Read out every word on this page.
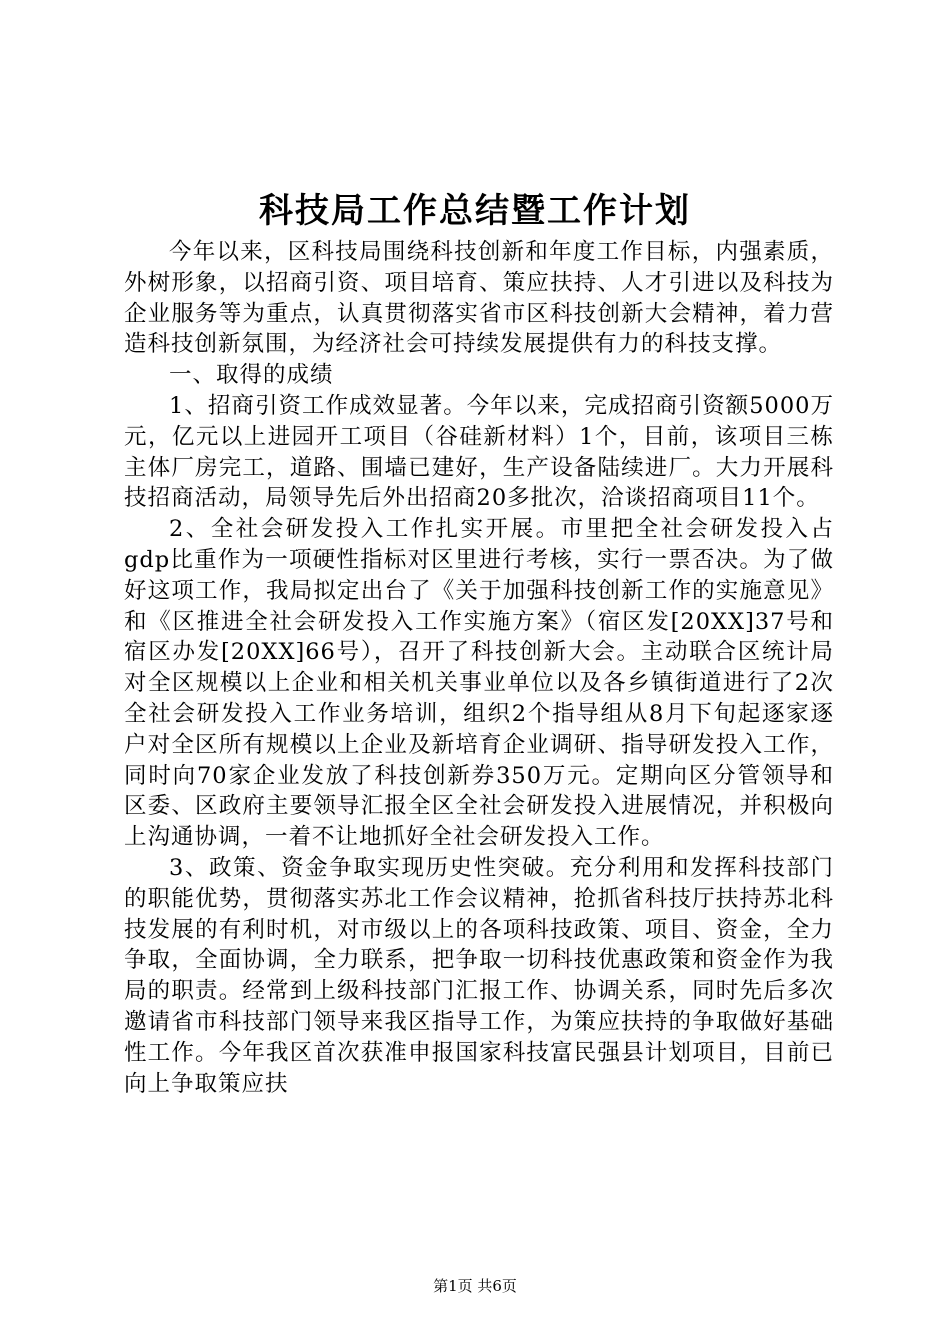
科技局工作总结暨工作计划

今年以来，区科技局围绕科技创新和年度工作目标，内强素质，外树形象，以招商引资、项目培育、策应扶持、人才引进以及科技为企业服务等为重点，认真贯彻落实省市区科技创新大会精神，着力营造科技创新氛围，为经济社会可持续发展提供有力的科技支撑。

一、取得的成绩

1、招商引资工作成效显著。今年以来，完成招商引资额5000万元，亿元以上进园开工项目（谷硅新材料）1个，目前，该项目三栋主体厂房完工，道路、围墙已建好，生产设备陆续进厂。大力开展科技招商活动，局领导先后外出招商20多批次，洽谈招商项目11个。

2、全社会研发投入工作扎实开展。市里把全社会研发投入占gdp比重作为一项硬性指标对区里进行考核，实行一票否决。为了做好这项工作，我局拟定出台了《关于加强科技创新工作的实施意见》和《区推进全社会研发投入工作实施方案》（宿区发[20XX]37号和宿区办发[20XX]66号），召开了科技创新大会。主动联合区统计局对全区规模以上企业和相关机关事业单位以及各乡镇街道进行了2次全社会研发投入工作业务培训，组织2个指导组从8月下旬起逐家逐户对全区所有规模以上企业及新培育企业调研、指导研发投入工作，同时向70家企业发放了科技创新券350万元。定期向区分管领导和区委、区政府主要领导汇报全区全社会研发投入进展情况，并积极向上沟通协调，一着不让地抓好全社会研发投入工作。

3、政策、资金争取实现历史性突破。充分利用和发挥科技部门的职能优势，贯彻落实苏北工作会议精神，抢抓省科技厅扶持苏北科技发展的有利时机，对市级以上的各项科技政策、项目、资金，全力争取，全面协调，全力联系，把争取一切科技优惠政策和资金作为我局的职责。经常到上级科技部门汇报工作、协调关系，同时先后多次邀请省市科技部门领导来我区指导工作，为策应扶持的争取做好基础性工作。今年我区首次获准申报国家科技富民强县计划项目，目前已向上争取策应扶

第1页 共6页
